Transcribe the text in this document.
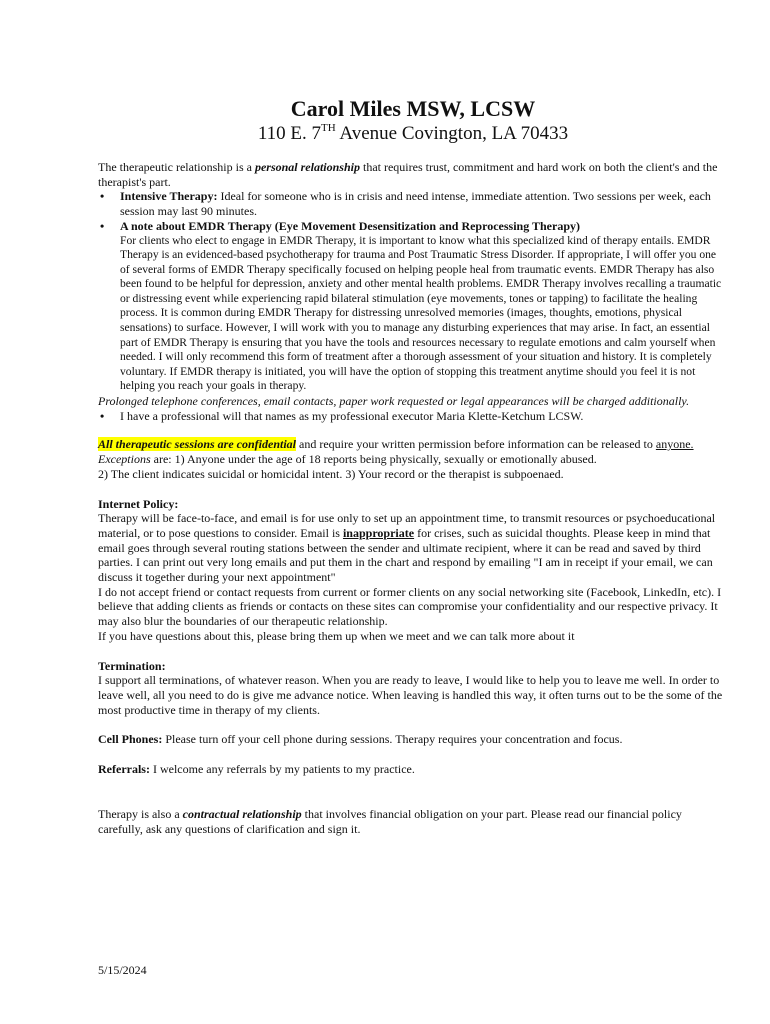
Carol Miles MSW, LCSW

110 E. 7TH Avenue Covington, LA 70433

The therapeutic relationship is a personal relationship that requires trust, commitment and hard work on both the client's and the therapist's part.

• Intensive Therapy: Ideal for someone who is in crisis and need intense, immediate attention. Two sessions per week, each session may last 90 minutes.
• A note about EMDR Therapy (Eye Movement Desensitization and Reprocessing Therapy)
For clients who elect to engage in EMDR Therapy, it is important to know what this specialized kind of therapy entails. EMDR Therapy is an evidenced-based psychotherapy for trauma and Post Traumatic Stress Disorder. If appropriate, I will offer you one of several forms of EMDR Therapy specifically focused on helping people heal from traumatic events. EMDR Therapy has also been found to be helpful for depression, anxiety and other mental health problems. EMDR Therapy involves recalling a traumatic or distressing event while experiencing rapid bilateral stimulation (eye movements, tones or tapping) to facilitate the healing process. It is common during EMDR Therapy for distressing unresolved memories (images, thoughts, emotions, physical sensations) to surface. However, I will work with you to manage any disturbing experiences that may arise. In fact, an essential part of EMDR Therapy is ensuring that you have the tools and resources necessary to regulate emotions and calm yourself when needed. I will only recommend this form of treatment after a thorough assessment of your situation and history. It is completely voluntary. If EMDR therapy is initiated, you will have the option of stopping this treatment anytime should you feel it is not helping you reach your goals in therapy.

Prolonged telephone conferences, email contacts, paper work requested or legal appearances will be charged additionally.

• I have a professional will that names as my professional executor Maria Klette-Ketchum LCSW.

All therapeutic sessions are confidential and require your written permission before information can be released to anyone.
Exceptions are: 1) Anyone under the age of 18 reports being physically, sexually or emotionally abused.
2) The client indicates suicidal or homicidal intent. 3) Your record or the therapist is subpoenaed.

Internet Policy:

Therapy will be face-to-face, and email is for use only to set up an appointment time, to transmit resources or psychoeducational material, or to pose questions to consider. Email is inappropriate for crises, such as suicidal thoughts. Please keep in mind that email goes through several routing stations between the sender and ultimate recipient, where it can be read and saved by third parties. I can print out very long emails and put them in the chart and respond by emailing "I am in receipt if your email, we can discuss it together during your next appointment"

I do not accept friend or contact requests from current or former clients on any social networking site (Facebook, LinkedIn, etc). I believe that adding clients as friends or contacts on these sites can compromise your confidentiality and our respective privacy. It may also blur the boundaries of our therapeutic relationship.

If you have questions about this, please bring them up when we meet and we can talk more about it

Termination:

I support all terminations, of whatever reason. When you are ready to leave, I would like to help you to leave me well. In order to leave well, all you need to do is give me advance notice. When leaving is handled this way, it often turns out to be the some of the most productive time in therapy of my clients.

Cell Phones: Please turn off your cell phone during sessions. Therapy requires your concentration and focus.

Referrals: I welcome any referrals by my patients to my practice.

Therapy is also a contractual relationship that involves financial obligation on your part. Please read our financial policy carefully, ask any questions of clarification and sign it.

5/15/2024
